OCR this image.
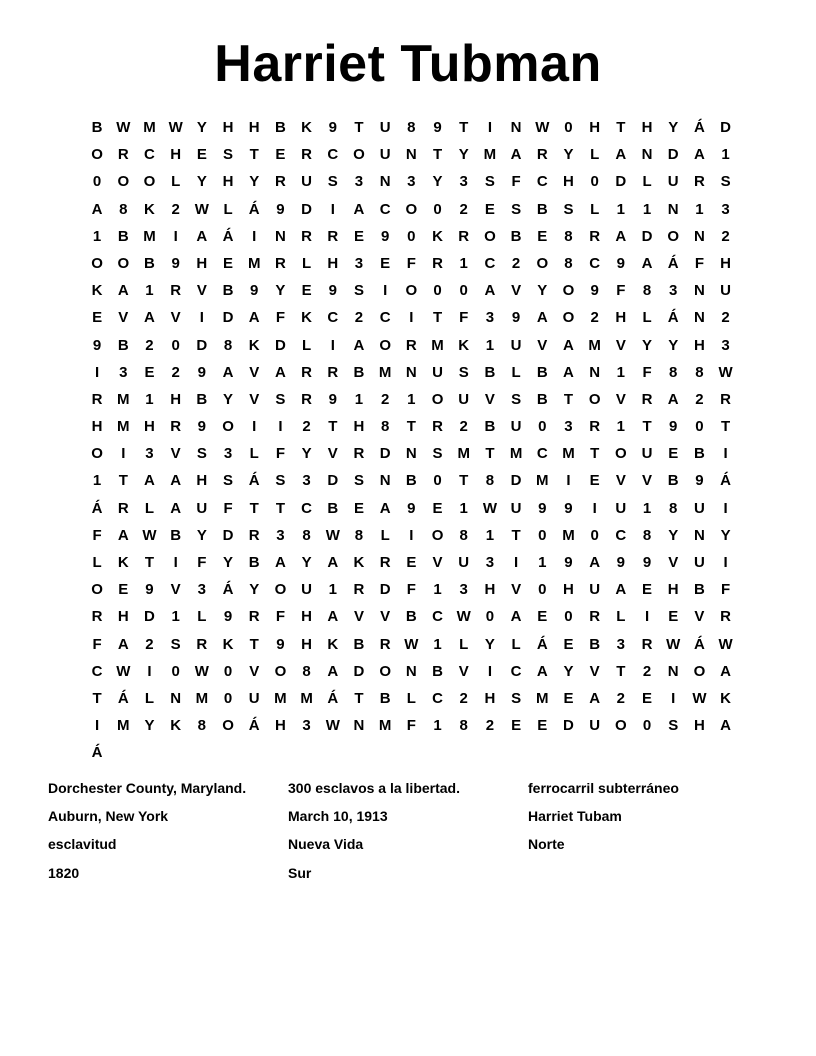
Harriet Tubman
B W M W Y	H	H	B	K	9	T	U	8	9	T	I	N W 0	H	T	H	Y	Á	D
O R	C	H	E	S	T	E	R	C O U	N	T	Y M A	R	Y	L	A	N	D	A	1
0	O O	L	Y	H	Y	R	U	S	3	N	3	Y	3	S	F	C	H	0	D	L	U	R	S
A	8	K	2 W L	Á	9	D	I	A	C O	0	2	E	S	B	S	L	1	1	N	1	3
1	B M	I	A	Á	I	N	R	R	E	9	0	K	R O B	E	8	R	A	D O N	2
O O B	9	H	E M R	L	H	3	E	F	R	1	C	2	O	8	C	9	A	Á	F	H
K	A	1	R	V	B	9	Y	E	9	S	I	O	0	0	A	V	Y	O	9	F	8	3	N	U
E	V	A	V	I	D	A	F	K	C	2	C	I	T	F	3	9	A O	2	H	L	Á	N	2
9	B	2	0	D	8	K	D	L	I	A O R M K	1	U	V	A M V	Y	Y	H	3
I	3	E	2	9	A	V	A	R	R	B M N	U	S	B	L	B	A	N	1	F	8	8 W
R M	1	H	B	Y	V	S	R	9	1	2	1	O U	V	S	B	T	O	V	R	A	2	R
H M H	R	9	O	I	I	2	T	H	8	T	R	2	B	U	0	3	R	1	T	9	0	T
O	I	3	V	S	3	L	F	Y	V	R	D	N	S M	T	M C M	T	O U	E	B	I
1	T	A	A	H	S	Á	S	3	D	S	N	B	0	T	8	D M	I	E	V	V	B	9	Á
Á	R	L	A	U	F	T	T	C	B	E	A	9	E	1 W U	9	9	I	U	1	8	U	I
F	A W B	Y	D	R	3	8 W 8	L	I	O	8	1	T	0	M	0	C	8	Y	N	Y
L	K	T	I	F	Y	B	A	Y	A	K	R	E	V	U	3	I	1	9	A	9	9	V	U	I
O	E	9	V	3	Á	Y	O U	1	R	D	F	1	3	H	V	0	H	U	A	E	H	B	F
R	H	D	1	L	9	R	F	H	A	V	V	B	C W 0	A	E	0	R	L	I	E	V	R
F	A	2	S	R	K	T	9	H	K	B	R W 1	L	Y	L	Á	E	B	3	R W Á W
C W	I	0 W 0	V	O	8	A	D O N	B	V	I	C	A	Y	V	T	2	N O A
T	Á	L	N M	0	U M M Á	T	B	L	C	2	H	S M E	A	2	E	I	W K
I	M Y	K	8	O Á	H	3 W N M	F	1	8	2	E	E	D	U O	0	S	H	A
Á
Dorchester County, Maryland.	300 esclavos a la libertad.	ferrocarril subterráneo
Auburn, New York	March 10, 1913	Harriet Tubam
esclavitud	Nueva Vida	Norte
1820	Sur
